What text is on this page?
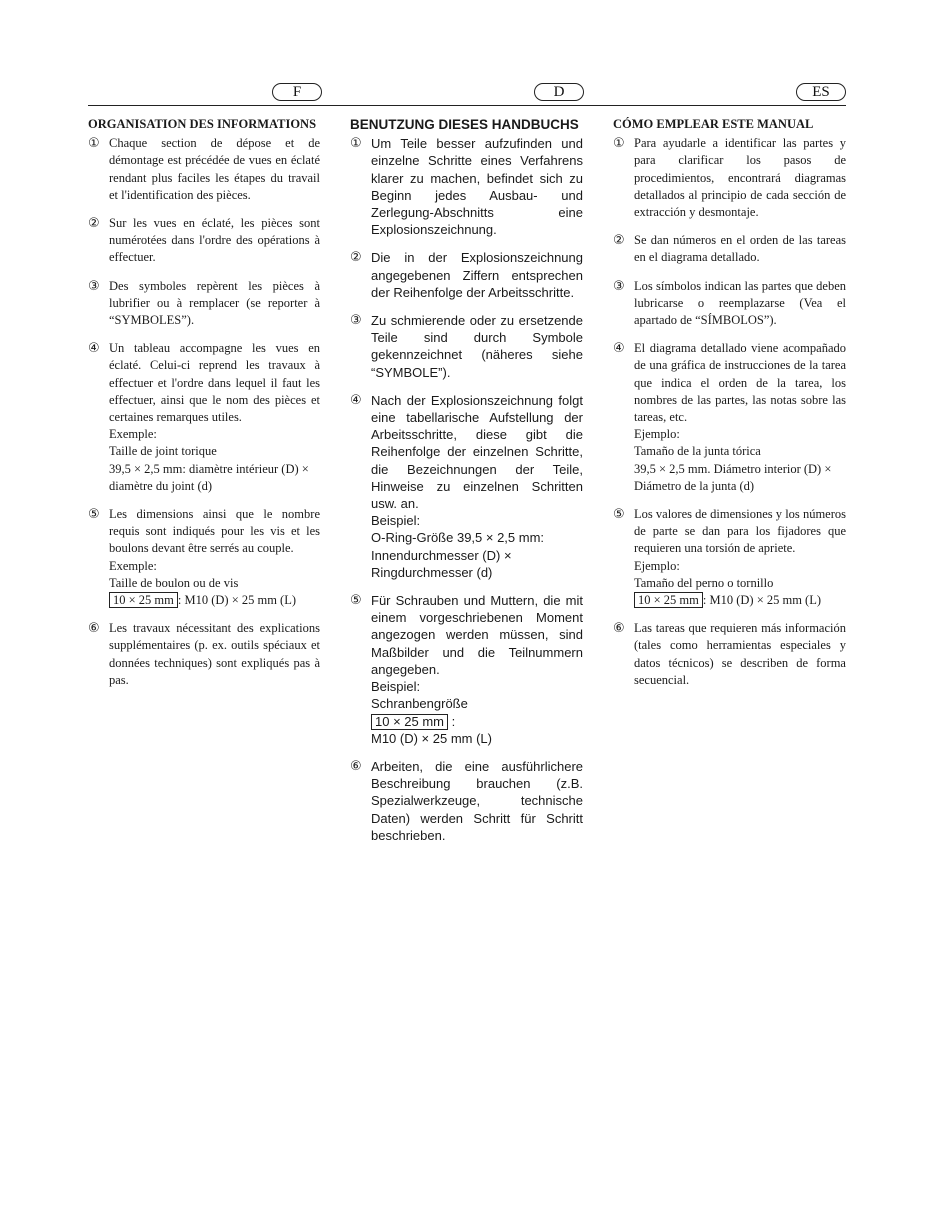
F	D	ES
ORGANISATION DES INFORMATIONS
① Chaque section de dépose et de démontage est précédée de vues en éclaté rendant plus faciles les étapes du travail et l'identification des pièces.
② Sur les vues en éclaté, les pièces sont numérotées dans l'ordre des opérations à effectuer.
③ Des symboles repèrent les pièces à lubrifier ou à remplacer (se reporter à “SYMBOLES”).
④ Un tableau accompagne les vues en éclaté. Celui-ci reprend les travaux à effectuer et l'ordre dans lequel il faut les effectuer, ainsi que le nom des pièces et certaines remarques utiles.
Exemple:
Taille de joint torique
39,5 × 2,5 mm: diamètre intérieur (D) × diamètre du joint (d)
⑤ Les dimensions ainsi que le nombre requis sont indiqués pour les vis et les boulons devant être serrés au couple.
Exemple:
Taille de boulon ou de vis
10 × 25 mm : M10 (D) × 25 mm (L)
⑥ Les travaux nécessitant des explications supplémentaires (p. ex. outils spéciaux et données techniques) sont expliqués pas à pas.
BENUTZUNG DIESES HANDBUCHS
① Um Teile besser aufzufinden und einzelne Schritte eines Verfahrens klarer zu machen, befindet sich zu Beginn jedes Ausbau- und Zerlegung-Abschnitts eine Explosionszeichnung.
② Die in der Explosionszeichnung angegebenen Ziffern entsprechen der Reihenfolge der Arbeitsschritte.
③ Zu schmierende oder zu ersetzende Teile sind durch Symbole gekennzeichnet (näheres siehe “SYMBOLE”).
④ Nach der Explosionszeichnung folgt eine tabellarische Aufstellung der Arbeitsschritte, diese gibt die Reihenfolge der einzelnen Schritte, die Bezeichnungen der Teile, Hinweise zu einzelnen Schritten usw. an.
Beispiel:
O-Ring-Größe 39,5 × 2,5 mm: Innendurchmesser (D) × Ringdurchmesser (d)
⑤ Für Schrauben und Muttern, die mit einem vorgeschriebenen Moment angezogen werden müssen, sind Maßbilder und die Teilnummern angegeben.
Beispiel:
Schranbengröße
10 × 25 mm :
M10 (D) × 25 mm (L)
⑥ Arbeiten, die eine ausführlichere Beschreibung brauchen (z.B. Spezialwerkzeuge, technische Daten) werden Schritt für Schritt beschrieben.
CÓMO EMPLEAR ESTE MANUAL
① Para ayudarle a identificar las partes y para clarificar los pasos de procedimientos, encontrará diagramas detallados al principio de cada sección de extracción y desmontaje.
② Se dan números en el orden de las tareas en el diagrama detallado.
③ Los símbolos indican las partes que deben lubricarse o reemplazarse (Vea el apartado de “SÍMBOLOS”).
④ El diagrama detallado viene acompañado de una gráfica de instrucciones de la tarea que indica el orden de la tarea, los nombres de las partes, las notas sobre las tareas, etc.
Ejemplo:
Tamaño de la junta tórica
39,5 × 2,5 mm. Diámetro interior (D) × Diámetro de la junta (d)
⑤ Los valores de dimensiones y los números de parte se dan para los fijadores que requieren una torsión de apriete.
Ejemplo:
Tamaño del perno o tornillo
10 × 25 mm : M10 (D) × 25 mm (L)
⑥ Las tareas que requieren más información (tales como herramientas especiales y datos técnicos) se describen de forma secuencial.
